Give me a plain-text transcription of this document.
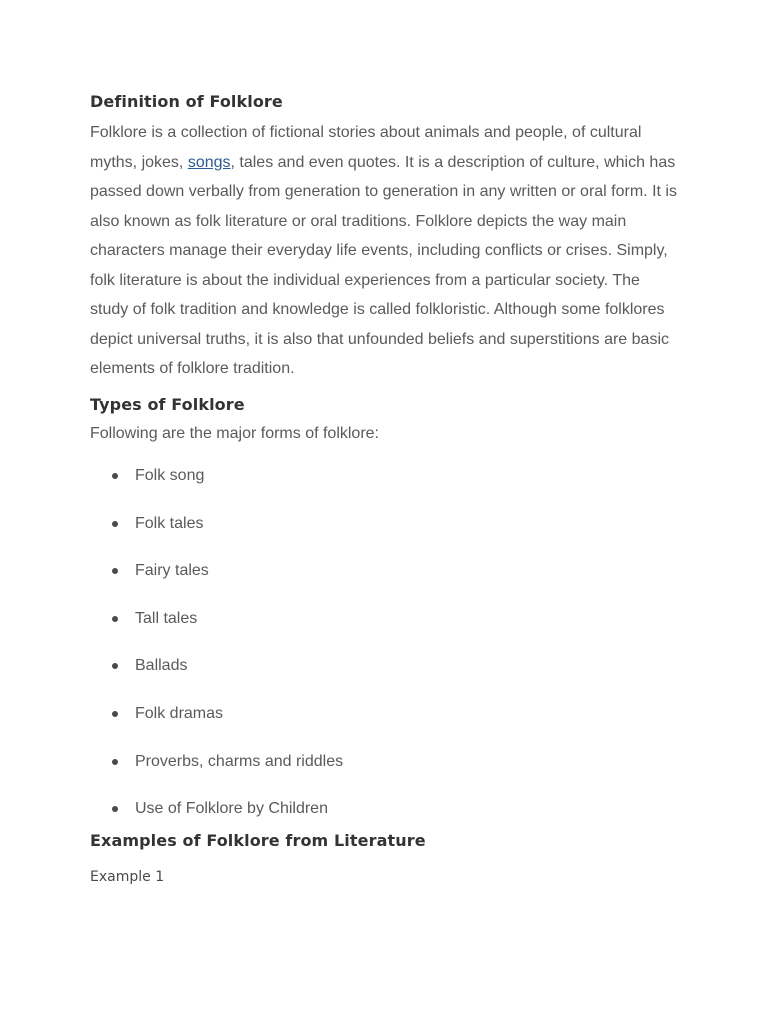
Definition of Folklore

Folklore is a collection of fictional stories about animals and people, of cultural myths, jokes, songs, tales and even quotes. It is a description of culture, which has passed down verbally from generation to generation in any written or oral form. It is also known as folk literature or oral traditions. Folklore depicts the way main characters manage their everyday life events, including conflicts or crises. Simply, folk literature is about the individual experiences from a particular society. The study of folk tradition and knowledge is called folkloristic. Although some folklores depict universal truths, it is also that unfounded beliefs and superstitions are basic elements of folklore tradition.

Types of Folklore

Following are the major forms of folklore:

Folk song
Folk tales
Fairy tales
Tall tales
Ballads
Folk dramas
Proverbs, charms and riddles
Use of Folklore by Children
Examples of Folklore from Literature
Example 1
